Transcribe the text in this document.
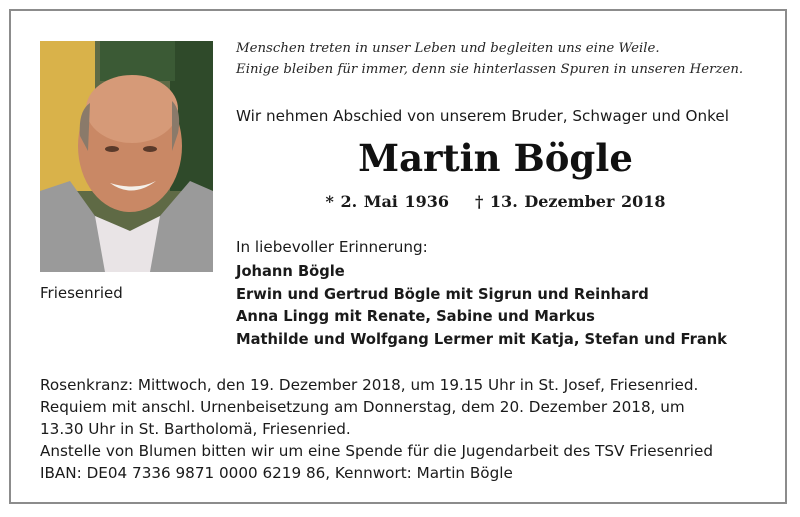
Friesenried
Menschen treten in unser Leben und begleiten uns eine Weile.
Einige bleiben für immer, denn sie hinterlassen Spuren in unseren Herzen.
Wir nehmen Abschied von unserem Bruder, Schwager und Onkel
Martin Bögle
* 2. Mai 1936 † 13. Dezember 2018
In liebevoller Erinnerung:
Johann Bögle
Erwin und Gertrud Bögle mit Sigrun und Reinhard
Anna Lingg mit Renate, Sabine und Markus
Mathilde und Wolfgang Lermer mit Katja, Stefan und Frank
Rosenkranz: Mittwoch, den 19. Dezember 2018, um 19.15 Uhr in St. Josef, Friesenried.
Requiem mit anschl. Urnenbeisetzung am Donnerstag, dem 20. Dezember 2018, um
13.30 Uhr in St. Bartholomä, Friesenried.
Anstelle von Blumen bitten wir um eine Spende für die Jugendarbeit des TSV Friesenried
IBAN: DE04 7336 9871 0000 6219 86, Kennwort: Martin Bögle
